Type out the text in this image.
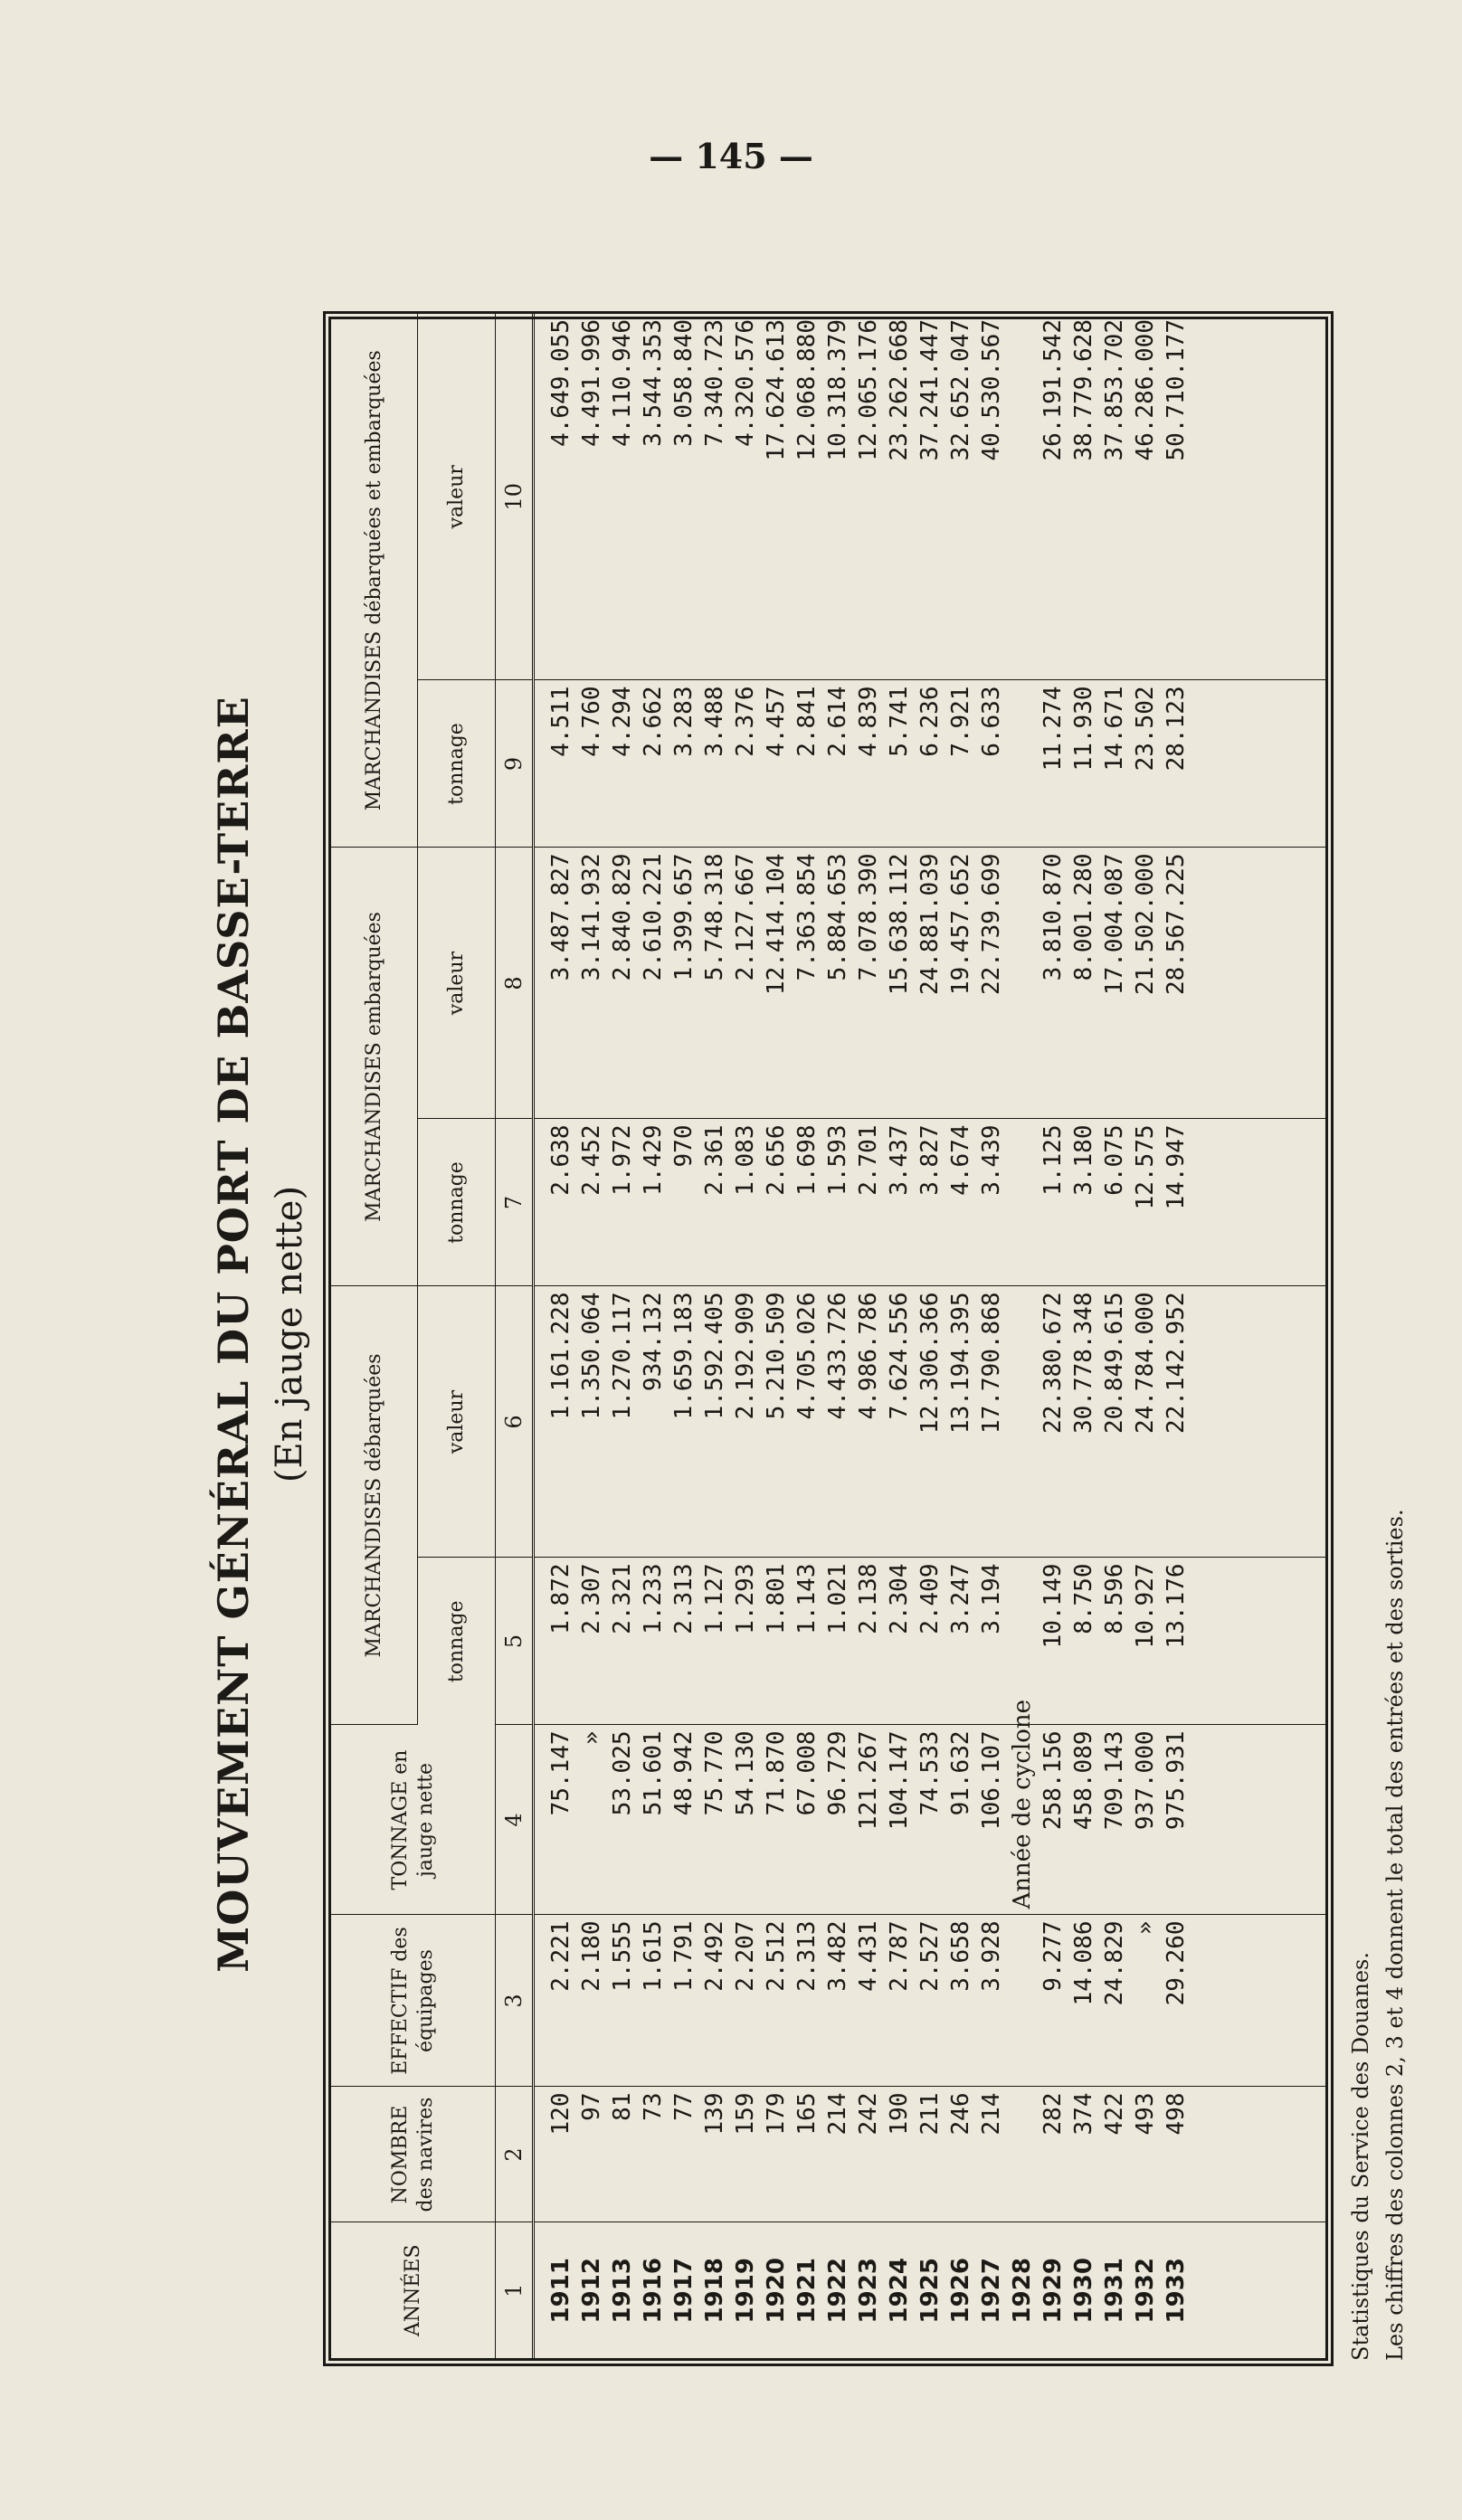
— 145 —
MOUVEMENT GÉNÉRAL DU PORT DE BASSE-TERRE (En jauge nette)
ANNÉES	NOMBRE des navires	EFFECTIF des équipages	TONNAGE en jauge nette	MARCHANDISES débarquées		MARCHANDISES embarquées		MARCHANDISES débarquées et embarquées	
				tonnage	valeur	tonnage	valeur	tonnage	valeur
1	2	3	4	5	6	7	8	9	10

1911	120	2.221	75.147	1.872	1.161.228	2.638	3.487.827	4.511	4.649.055
1912	97	2.180	»	2.307	1.350.064	2.452	3.141.932	4.760	4.491.996
1913	81	1.555	53.025	2.321	1.270.117	1.972	2.840.829	4.294	4.110.946
1916	73	1.615	51.601	1.233	934.132	1.429	2.610.221	2.662	3.544.353
1917	77	1.791	48.942	2.313	1.659.183	970	1.399.657	3.283	3.058.840
1918	139	2.492	75.770	1.127	1.592.405	2.361	5.748.318	3.488	7.340.723
1919	159	2.207	54.130	1.293	2.192.909	1.083	2.127.667	2.376	4.320.576
1920	179	2.512	71.870	1.801	5.210.509	2.656	12.414.104	4.457	17.624.613
1921	165	2.313	67.008	1.143	4.705.026	1.698	7.363.854	2.841	12.068.880
1922	214	3.482	96.729	1.021	4.433.726	1.593	5.884.653	2.614	10.318.379
1923	242	4.431	121.267	2.138	4.986.786	2.701	7.078.390	4.839	12.065.176
1924	190	2.787	104.147	2.304	7.624.556	3.437	15.638.112	5.741	23.262.668
1925	211	2.527	74.533	2.409	12.306.366	3.827	24.881.039	6.236	37.241.447
1926	246	3.658	91.632	3.247	13.194.395	4.674	19.457.652	7.921	32.652.047
1927	214	3.928	106.107	3.194	17.790.868	3.439	22.739.699	6.633	40.530.567
1928			Année de cyclone						
1929	282	9.277	258.156	10.149	22.380.672	1.125	3.810.870	11.274	26.191.542
1930	374	14.086	458.089	8.750	30.778.348	3.180	8.001.280	11.930	38.779.628
1931	422	24.829	709.143	8.596	20.849.615	6.075	17.004.087	14.671	37.853.702
1932	493	»	937.000	10.927	24.784.000	12.575	21.502.000	23.502	46.286.000
1933	498	29.260	975.931	13.176	22.142.952	14.947	28.567.225	28.123	50.710.177

Statistiques du Service des Douanes. Les chiffres des colonnes 2, 3 et 4 donnent le total des entrées et des sorties.
